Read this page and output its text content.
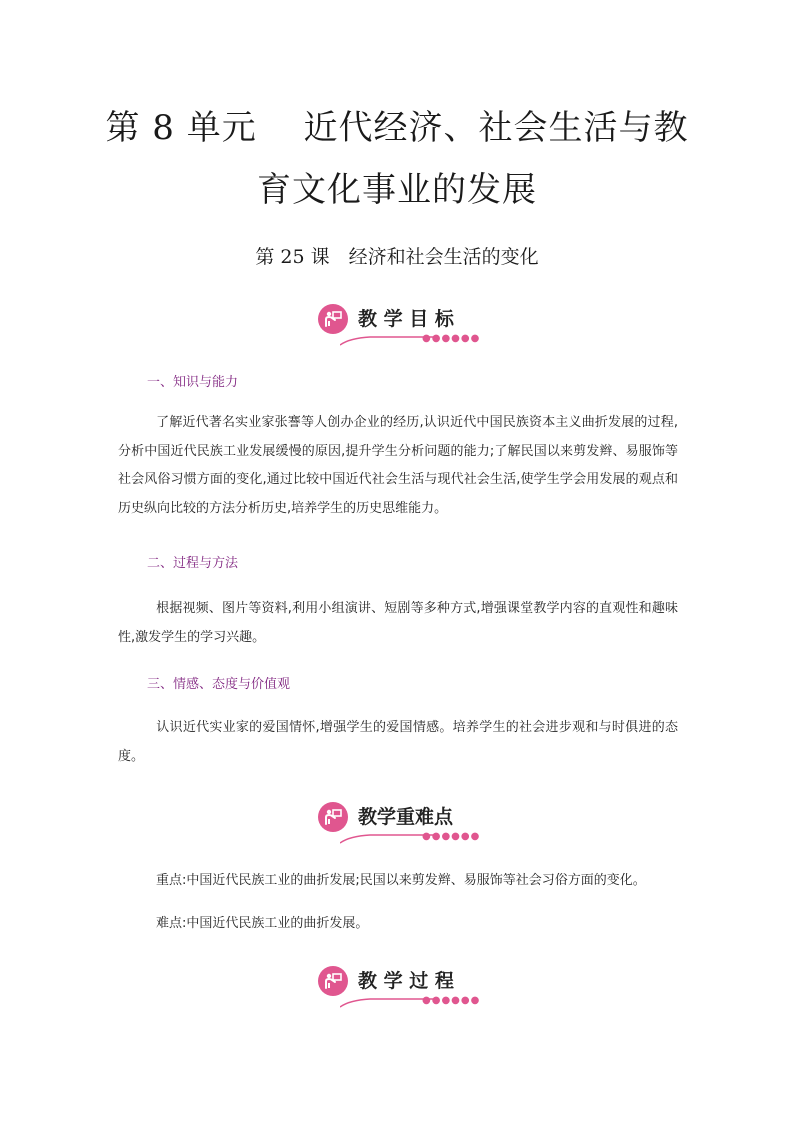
第 8 单元　 近代经济、社会生活与教
育文化事业的发展
第 25 课　经济和社会生活的变化
教 学 目 标
●●●●●●
一、知识与能力
了解近代著名实业家张謇等人创办企业的经历,认识近代中国民族资本主义曲折发展的过程,分析中国近代民族工业发展缓慢的原因,提升学生分析问题的能力;了解民国以来剪发辫、易服饰等社会风俗习惯方面的变化,通过比较中国近代社会生活与现代社会生活,使学生学会用发展的观点和历史纵向比较的方法分析历史,培养学生的历史思维能力。
二、过程与方法
根据视频、图片等资料,利用小组演讲、短剧等多种方式,增强课堂教学内容的直观性和趣味性,激发学生的学习兴趣。
三、情感、态度与价值观
认识近代实业家的爱国情怀,增强学生的爱国情感。培养学生的社会进步观和与时俱进的态度。
教学重难点
●●●●●●
重点:中国近代民族工业的曲折发展;民国以来剪发辫、易服饰等社会习俗方面的变化。
难点:中国近代民族工业的曲折发展。
教 学 过 程
●●●●●●
